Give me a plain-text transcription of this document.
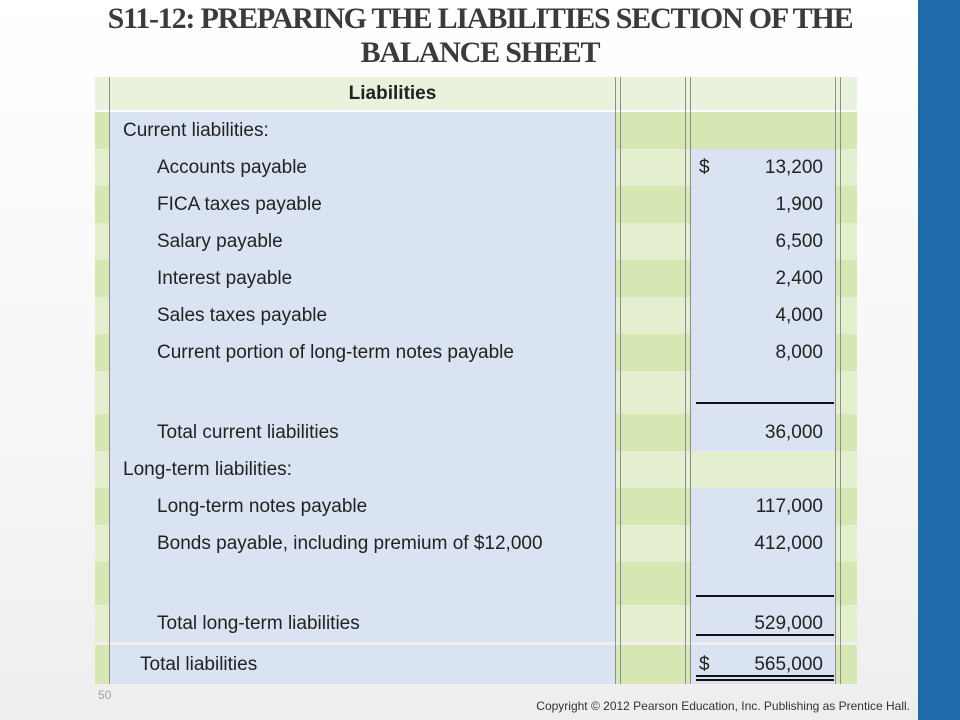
S11-12: PREPARING THE LIABILITIES SECTION OF THE
BALANCE SHEET
Liabilities
Current liabilities:
Accounts payable	$	13,200
FICA taxes payable	1,900
Salary payable	6,500
Interest payable	2,400
Sales taxes payable	4,000
Current portion of long-term notes payable	8,000
Total current liabilities	36,000
Long-term liabilities:
Long-term notes payable	117,000
Bonds payable, including premium of $12,000	412,000
Total long-term liabilities	529,000
Total liabilities	$ 565,000
50
Copyright © 2012 Pearson Education, Inc. Publishing as Prentice Hall.
